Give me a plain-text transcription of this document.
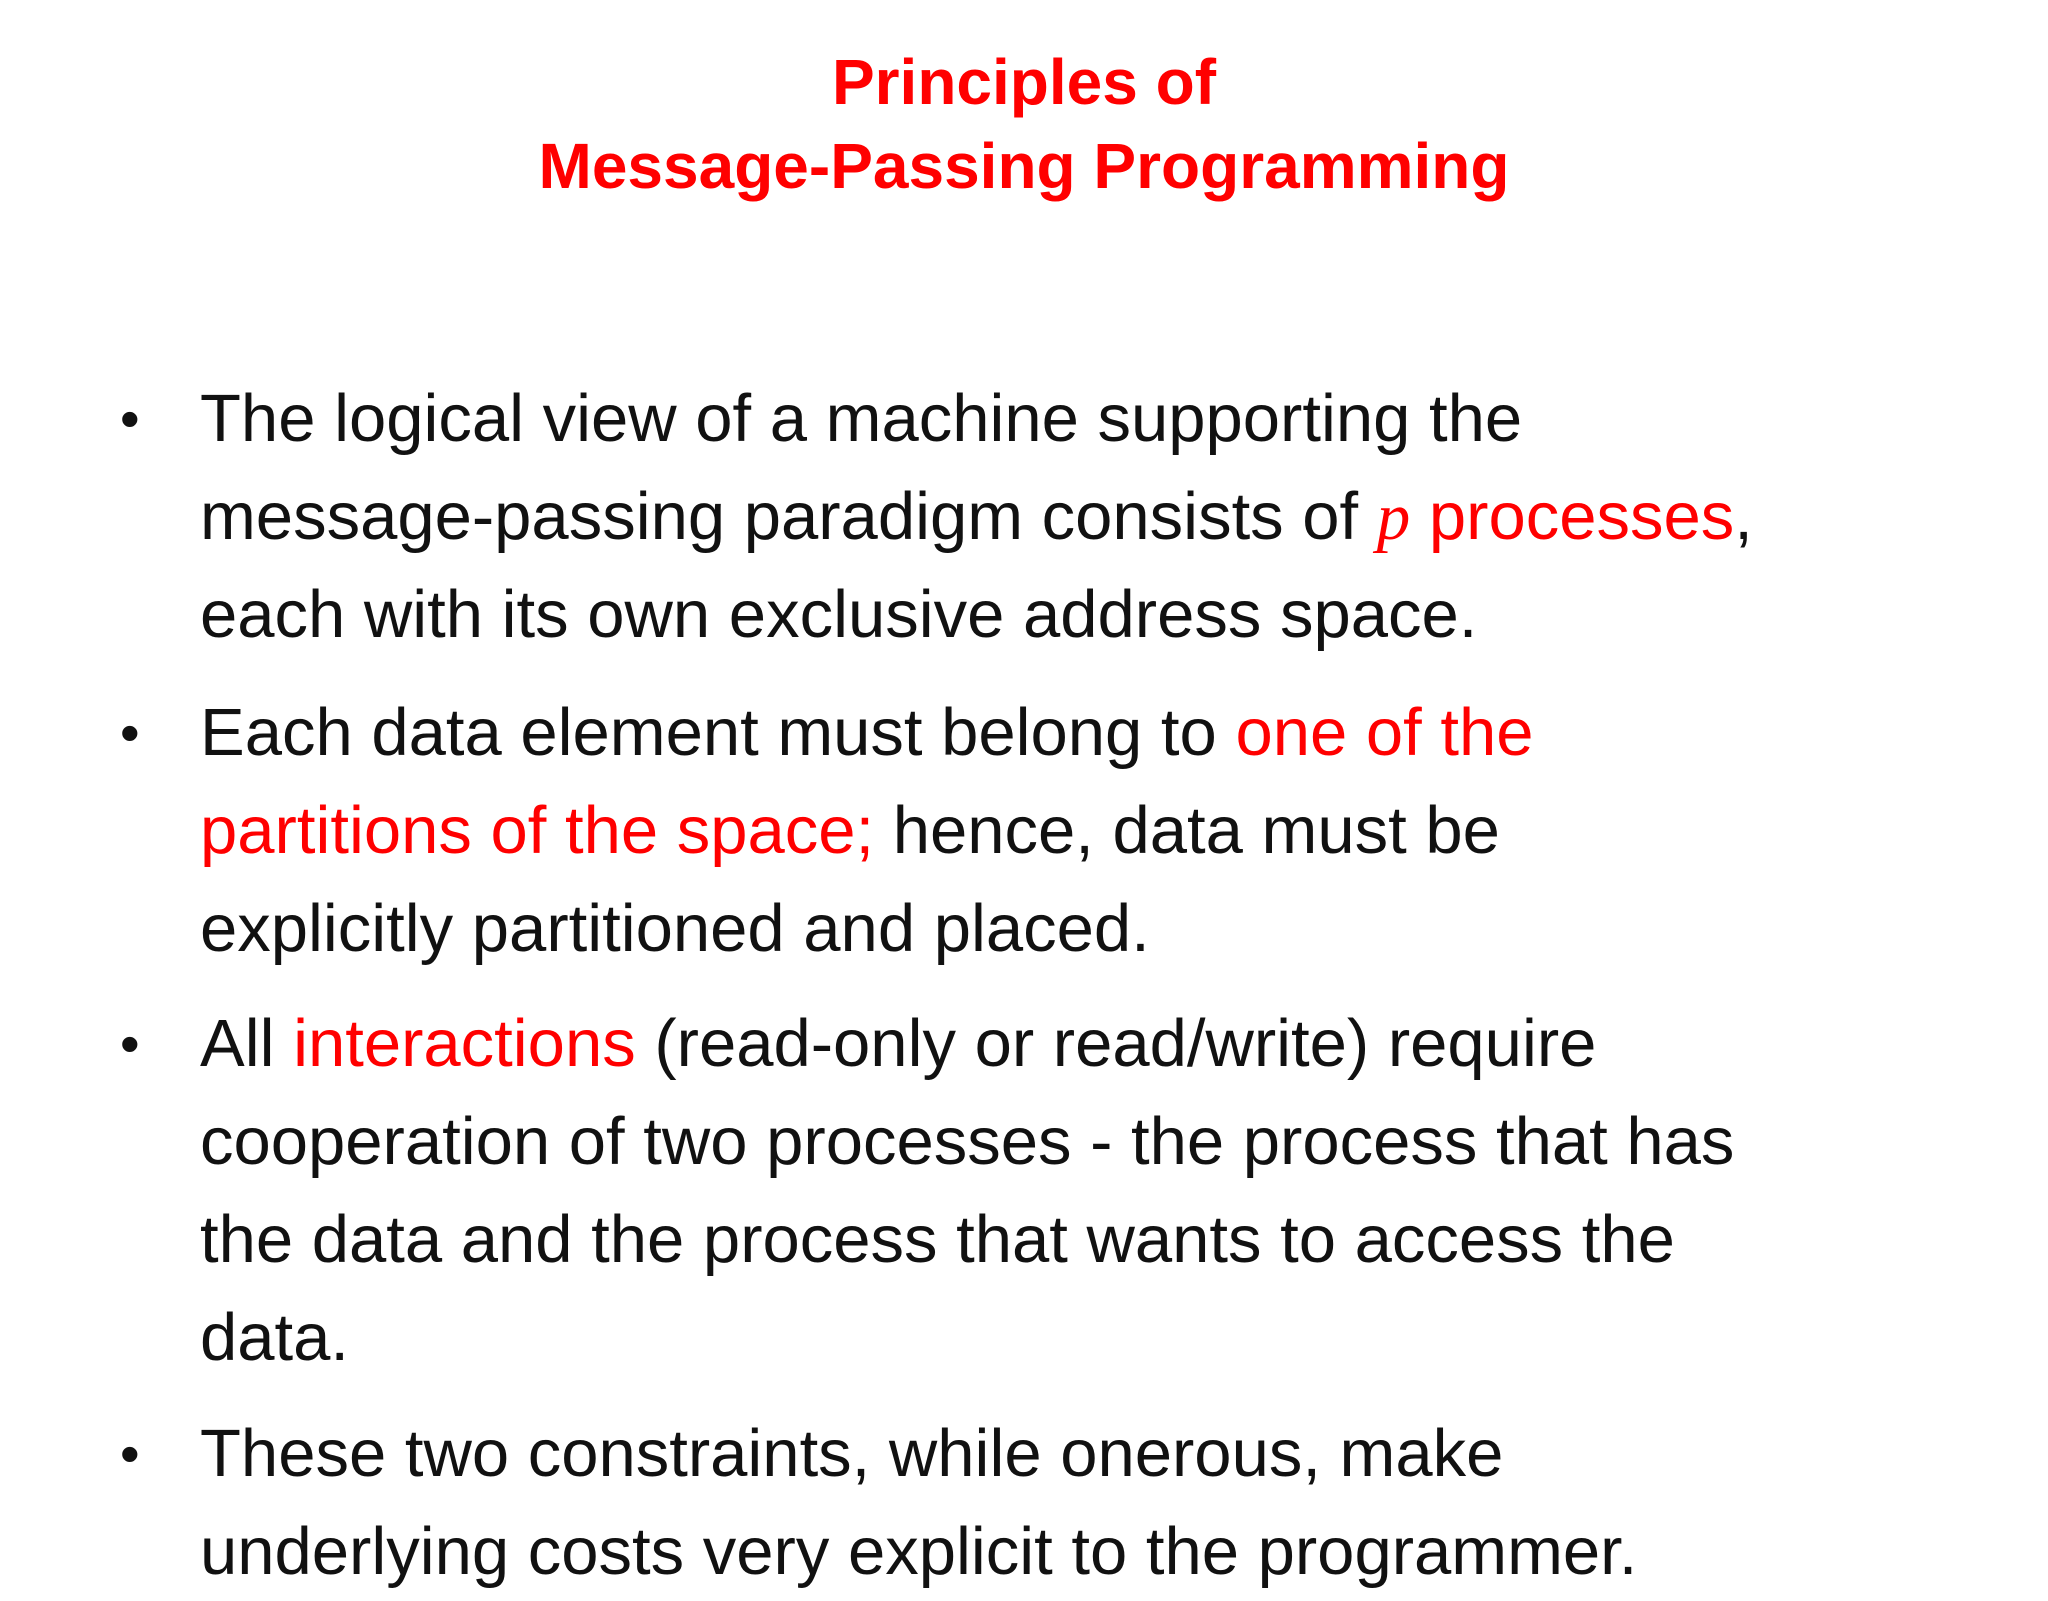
Principles of
Message-Passing Programming
• The logical view of a machine supporting the
message-passing paradigm consists of p processes,
each with its own exclusive address space.
• Each data element must belong to one of the
partitions of the space; hence, data must be
explicitly partitioned and placed.
• All interactions (read-only or read/write) require
cooperation of two processes - the process that has
the data and the process that wants to access the
data.
• These two constraints, while onerous, make
underlying costs very explicit to the programmer.
